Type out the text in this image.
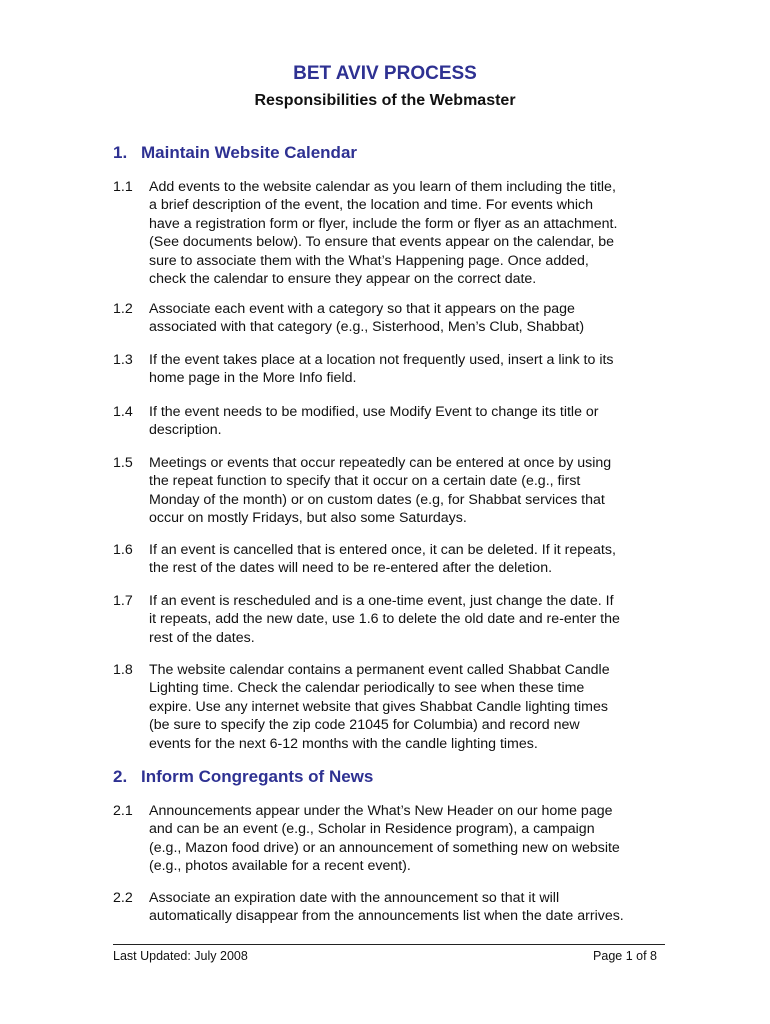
BET AVIV PROCESS
Responsibilities of the Webmaster
1. Maintain Website Calendar
1.1 Add events to the website calendar as you learn of them including the title,
a brief description of the event, the location and time. For events which
have a registration form or flyer, include the form or flyer as an attachment.
(See documents below). To ensure that events appear on the calendar, be
sure to associate them with the What’s Happening page. Once added,
check the calendar to ensure they appear on the correct date.
1.2 Associate each event with a category so that it appears on the page
associated with that category (e.g., Sisterhood, Men’s Club, Shabbat)
1.3 If the event takes place at a location not frequently used, insert a link to its
home page in the More Info field.
1.4 If the event needs to be modified, use Modify Event to change its title or
description.
1.5 Meetings or events that occur repeatedly can be entered at once by using
the repeat function to specify that it occur on a certain date (e.g., first
Monday of the month) or on custom dates (e.g, for Shabbat services that
occur on mostly Fridays, but also some Saturdays.
1.6 If an event is cancelled that is entered once, it can be deleted. If it repeats,
the rest of the dates will need to be re-entered after the deletion.
1.7 If an event is rescheduled and is a one-time event, just change the date. If
it repeats, add the new date, use 1.6 to delete the old date and re-enter the
rest of the dates.
1.8 The website calendar contains a permanent event called Shabbat Candle
Lighting time. Check the calendar periodically to see when these time
expire. Use any internet website that gives Shabbat Candle lighting times
(be sure to specify the zip code 21045 for Columbia) and record new
events for the next 6-12 months with the candle lighting times.
2. Inform Congregants of News
2.1 Announcements appear under the What’s New Header on our home page
and can be an event (e.g., Scholar in Residence program), a campaign
(e.g., Mazon food drive) or an announcement of something new on website
(e.g., photos available for a recent event).
2.2 Associate an expiration date with the announcement so that it will
automatically disappear from the announcements list when the date arrives.
Last Updated: July 2008	Page 1 of 8
